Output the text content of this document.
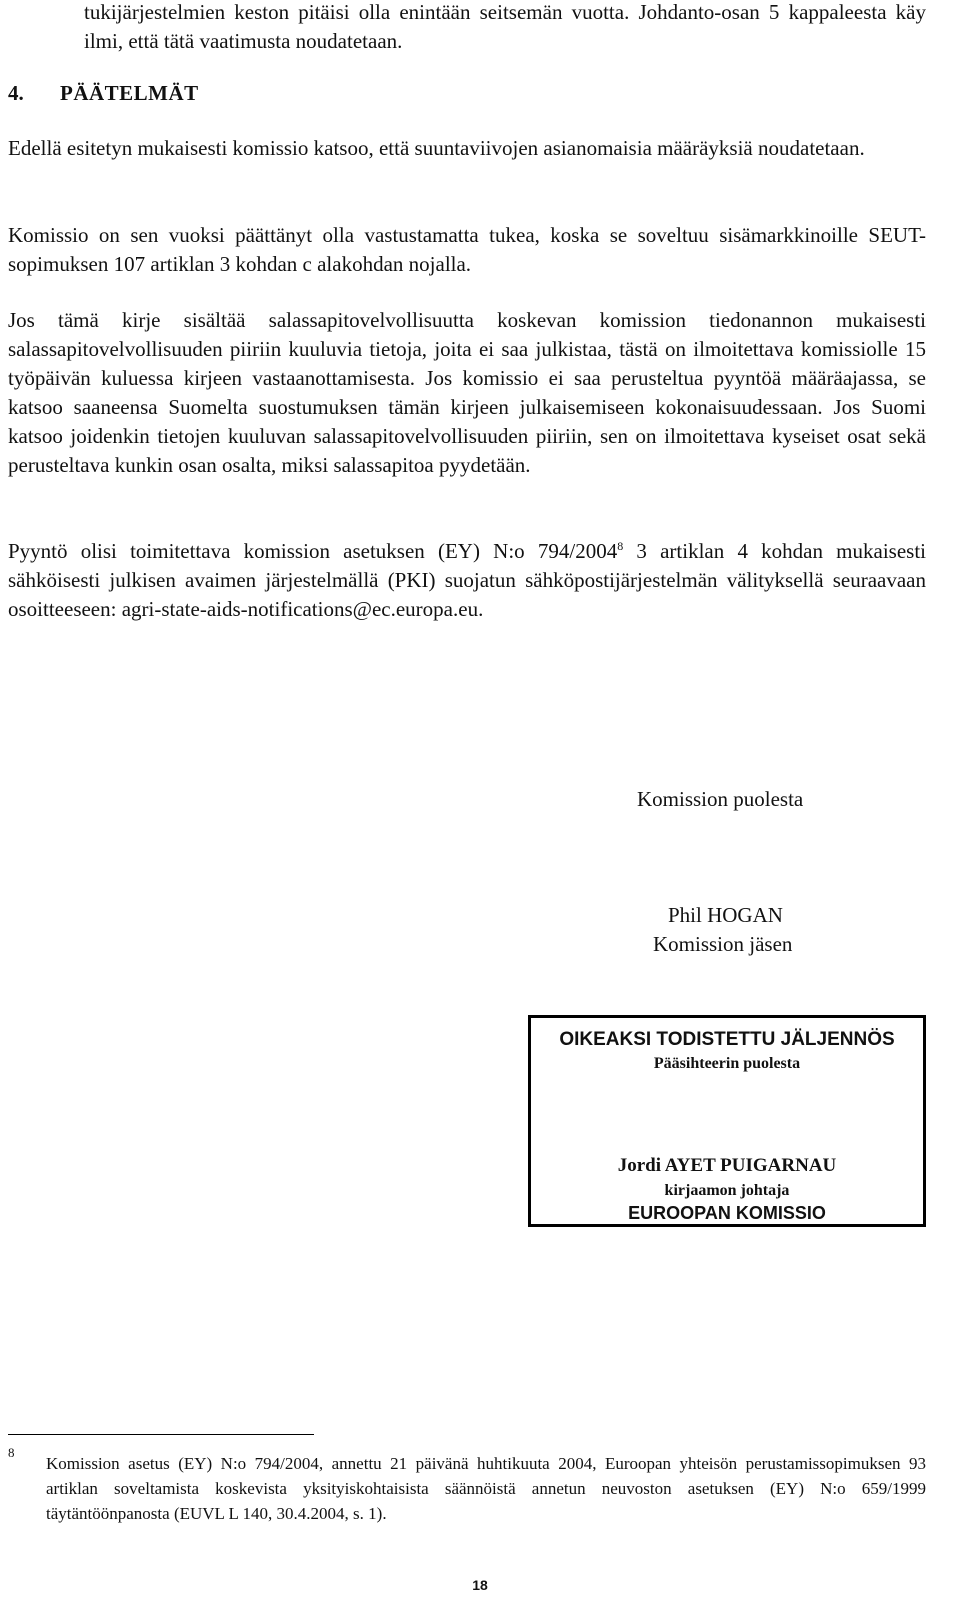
tukijärjestelmien keston pitäisi olla enintään seitsemän vuotta. Johdanto-osan 5 kappaleesta käy ilmi, että tätä vaatimusta noudatetaan.

4. PÄÄTELMÄT

Edellä esitetyn mukaisesti komissio katsoo, että suuntaviivojen asianomaisia määräyksiä noudatetaan.

Komissio on sen vuoksi päättänyt olla vastustamatta tukea, koska se soveltuu sisämarkkinoille SEUT-sopimuksen 107 artiklan 3 kohdan c alakohdan nojalla.

Jos tämä kirje sisältää salassapitovelvollisuutta koskevan komission tiedonannon mukaisesti salassapitovelvollisuuden piiriin kuuluvia tietoja, joita ei saa julkistaa, tästä on ilmoitettava komissiolle 15 työpäivän kuluessa kirjeen vastaanottamisesta. Jos komissio ei saa perusteltua pyyntöä määräajassa, se katsoo saaneensa Suomelta suostumuksen tämän kirjeen julkaisemiseen kokonaisuudessaan. Jos Suomi katsoo joidenkin tietojen kuuluvan salassapitovelvollisuuden piiriin, sen on ilmoitettava kyseiset osat sekä perusteltava kunkin osan osalta, miksi salassapitoa pyydetään.

Pyyntö olisi toimitettava komission asetuksen (EY) N:o 794/2004$^8$ 3 artiklan 4 kohdan mukaisesti sähköisesti julkisen avaimen järjestelmällä (PKI) suojatun sähköpostijärjestelmän välityksellä seuraavaan osoitteeseen: agri-state-aids-notifications@ec.europa.eu.

Komission puolesta
Phil HOGAN
Komission jäsen
OIKEAKSI TODISTETTU JÄLJENNÖS
Pääsihteerin puolesta
Jordi AYET PUIGARNAU
kirjaamon johtaja
EUROOPAN KOMISSIO
8

Komission asetus (EY) N:o 794/2004, annettu 21 päivänä huhtikuuta 2004, Euroopan yhteisön perustamissopimuksen 93 artiklan soveltamista koskevista yksityiskohtaisista säännöistä annetun neuvoston asetuksen (EY) N:o 659/1999 täytäntöönpanosta (EUVL L 140, 30.4.2004, s. 1).

18
